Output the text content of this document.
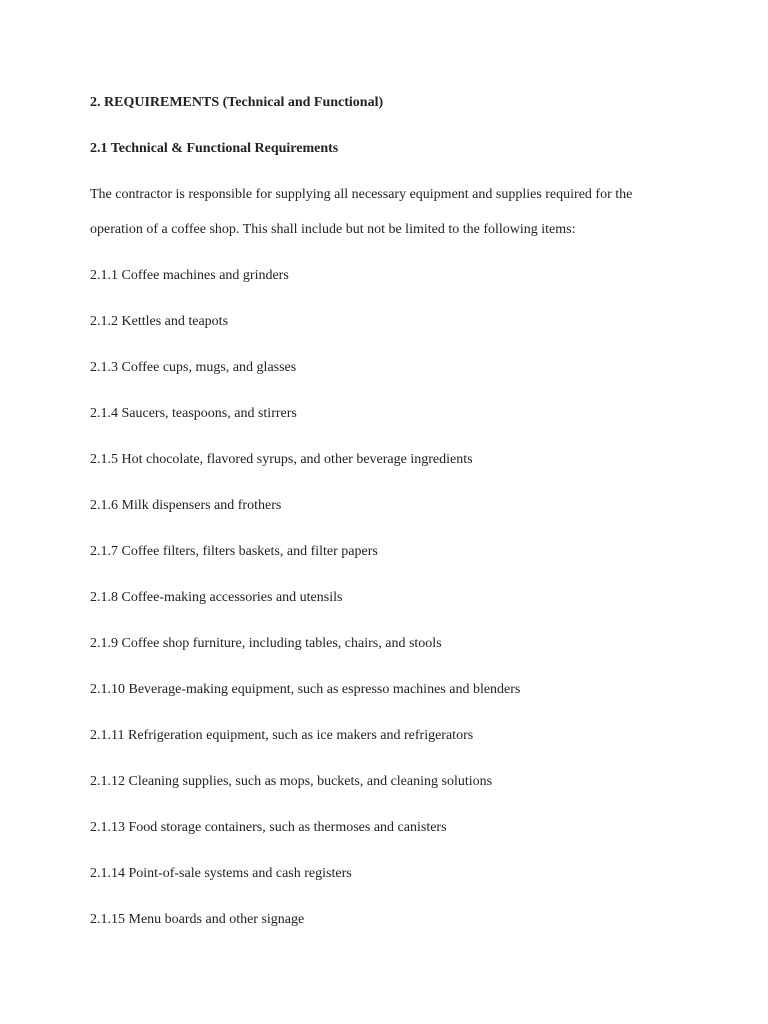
2. REQUIREMENTS (Technical and Functional)
2.1 Technical & Functional Requirements
The contractor is responsible for supplying all necessary equipment and supplies required for the
operation of a coffee shop. This shall include but not be limited to the following items:
2.1.1 Coffee machines and grinders
2.1.2 Kettles and teapots
2.1.3 Coffee cups, mugs, and glasses
2.1.4 Saucers, teaspoons, and stirrers
2.1.5 Hot chocolate, flavored syrups, and other beverage ingredients
2.1.6 Milk dispensers and frothers
2.1.7 Coffee filters, filters baskets, and filter papers
2.1.8 Coffee-making accessories and utensils
2.1.9 Coffee shop furniture, including tables, chairs, and stools
2.1.10 Beverage-making equipment, such as espresso machines and blenders
2.1.11 Refrigeration equipment, such as ice makers and refrigerators
2.1.12 Cleaning supplies, such as mops, buckets, and cleaning solutions
2.1.13 Food storage containers, such as thermoses and canisters
2.1.14 Point-of-sale systems and cash registers
2.1.15 Menu boards and other signage
